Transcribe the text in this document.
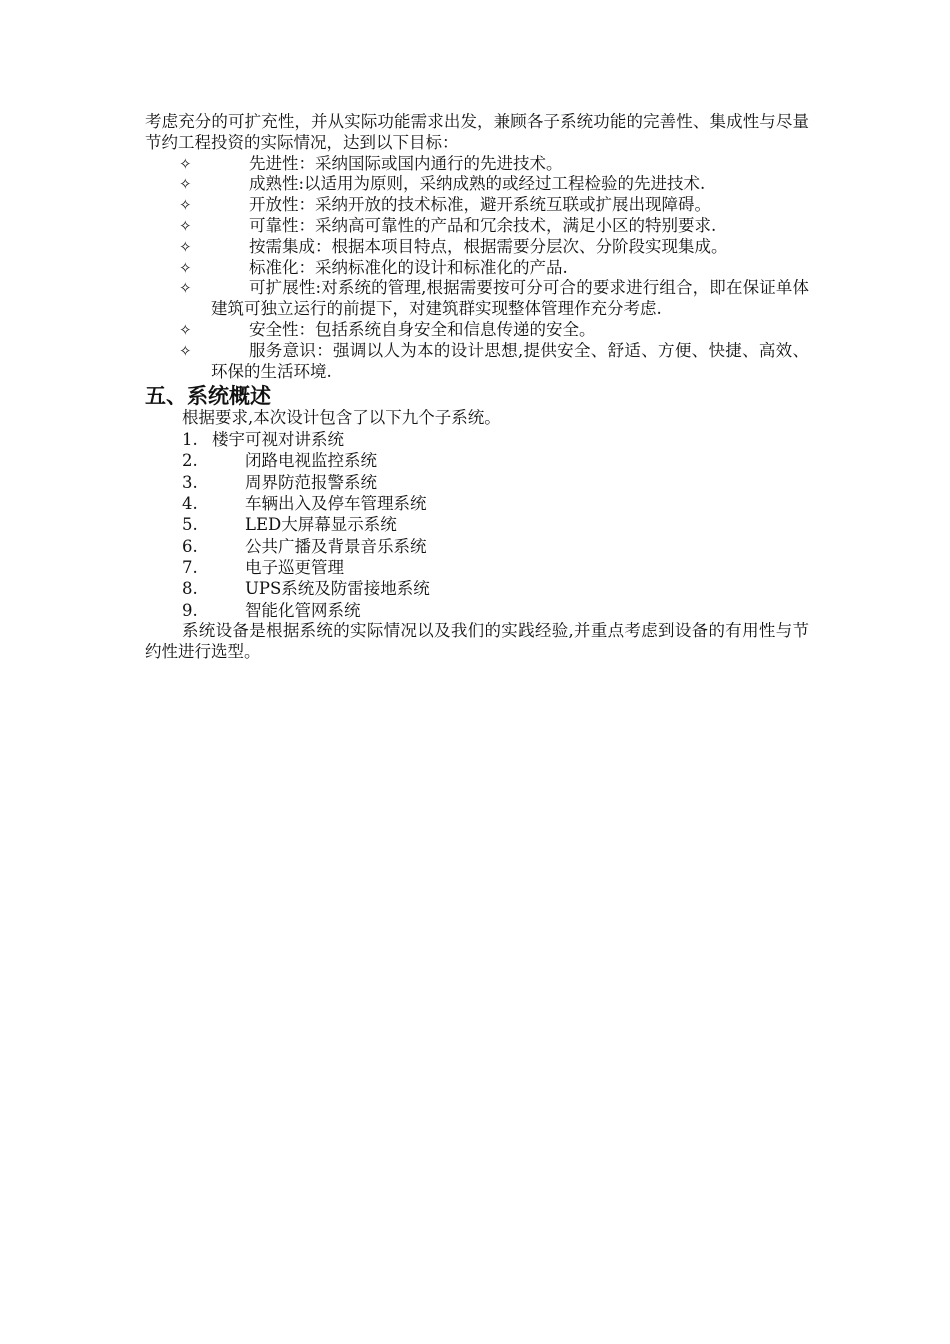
考虑充分的可扩充性，并从实际功能需求出发，兼顾各子系统功能的完善性、集成性与尽量节约工程投资的实际情况，达到以下目标：

✧	先进性：采纳国际或国内通行的先进技术。
✧	成熟性:以适用为原则，采纳成熟的或经过工程检验的先进技术.
✧	开放性：采纳开放的技术标准，避开系统互联或扩展出现障碍。
✧	可靠性：采纳高可靠性的产品和冗余技术，满足小区的特别要求.
✧	按需集成：根据本项目特点，根据需要分层次、分阶段实现集成。
✧	标准化：采纳标准化的设计和标准化的产品.
✧	可扩展性:对系统的管理,根据需要按可分可合的要求进行组合，即在保证单体建筑可独立运行的前提下，对建筑群实现整体管理作充分考虑.
✧	安全性：包括系统自身安全和信息传递的安全。
✧	服务意识：强调以人为本的设计思想,提供安全、舒适、方便、快捷、高效、环保的生活环境.
五、系统概述

根据要求,本次设计包含了以下九个子系统。

1. 楼宇可视对讲系统
2.	闭路电视监控系统
3.	周界防范报警系统
4.	车辆出入及停车管理系统
5.	LED大屏幕显示系统
6.	公共广播及背景音乐系统
7.	电子巡更管理
8.	UPS系统及防雷接地系统
9.	智能化管网系统

系统设备是根据系统的实际情况以及我们的实践经验,并重点考虑到设备的有用性与节约性进行选型。
